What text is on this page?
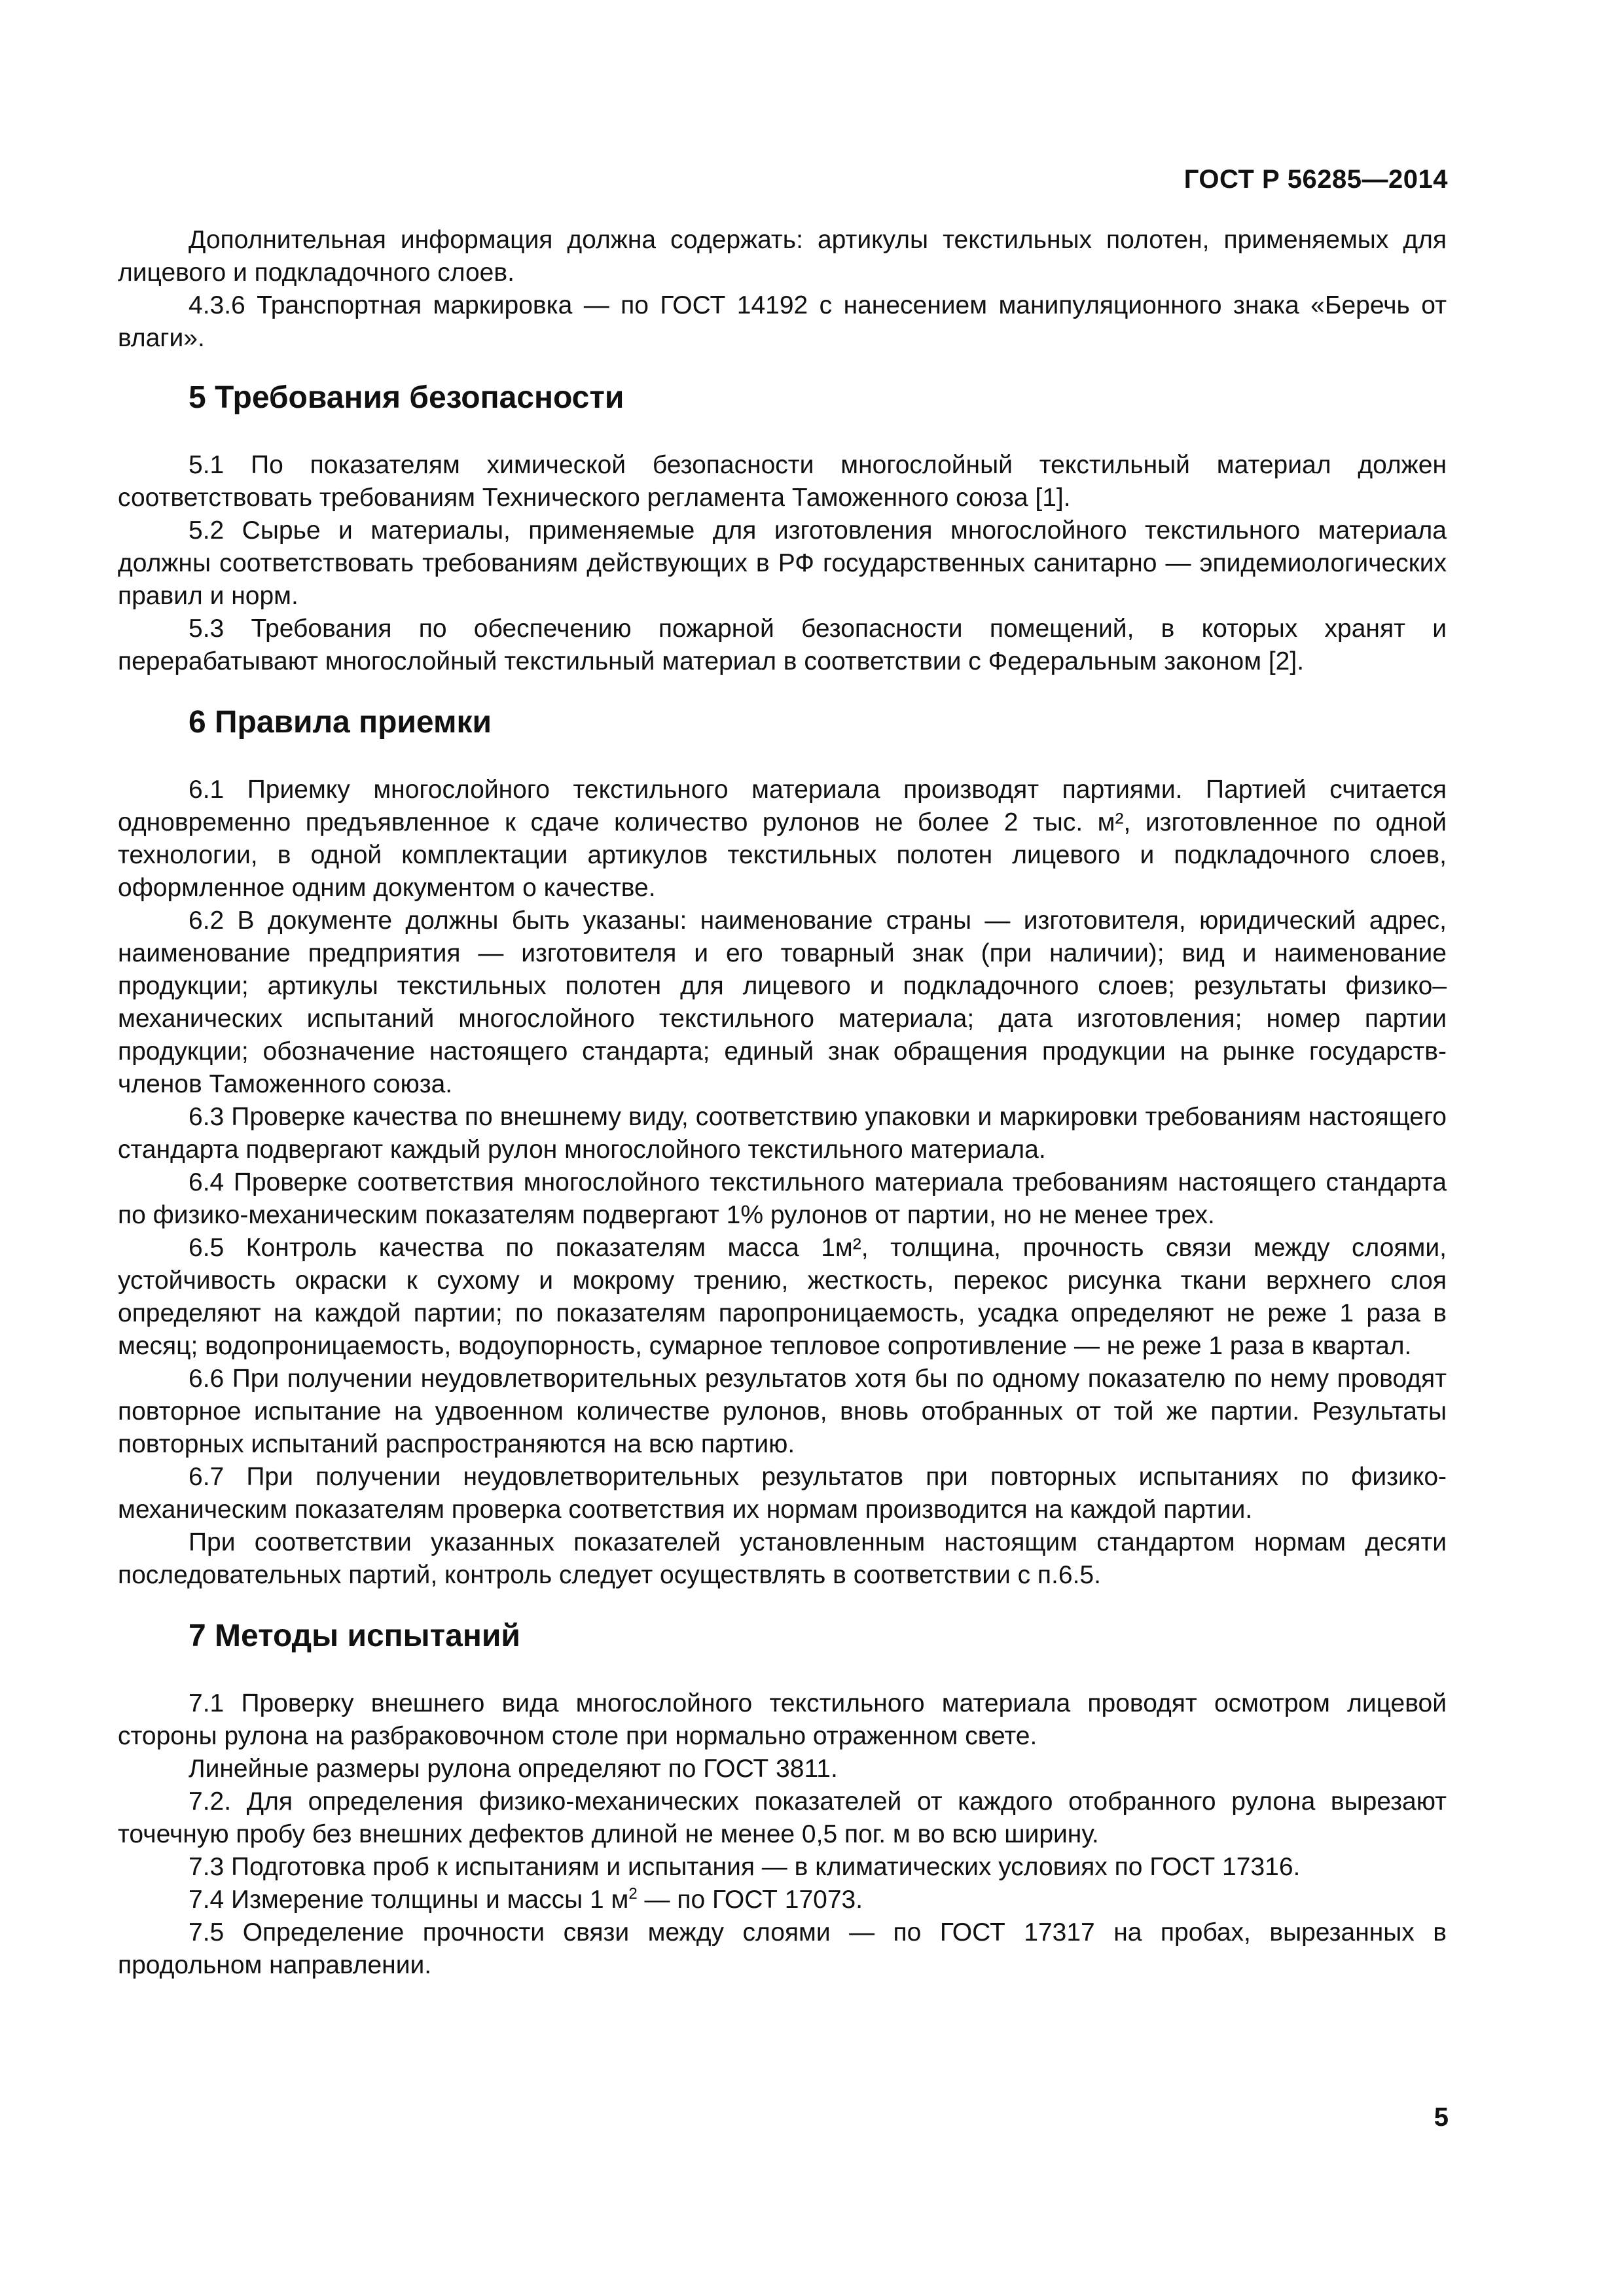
ГОСТ Р 56285—2014

Дополнительная информация должна содержать: артикулы текстильных полотен, применяемых для лицевого и подкладочного слоев.

4.3.6 Транспортная маркировка — по ГОСТ 14192 с нанесением манипуляционного знака «Беречь от влаги».

5 Требования безопасности

5.1 По показателям химической безопасности многослойный текстильный материал должен соответствовать требованиям Технического регламента Таможенного союза [1].

5.2 Сырье и материалы, применяемые для изготовления многослойного текстильного материала должны соответствовать требованиям действующих в РФ государственных санитарно — эпидемиологических правил и норм.

5.3 Требования по обеспечению пожарной безопасности помещений, в которых хранят и перерабатывают многослойный текстильный материал в соответствии с Федеральным законом [2].

6 Правила приемки

6.1 Приемку многослойного текстильного материала производят партиями. Партией считается одновременно предъявленное к сдаче количество рулонов не более 2 тыс. м², изготовленное по одной технологии, в одной комплектации артикулов текстильных полотен лицевого и подкладочного слоев, оформленное одним документом о качестве.

6.2 В документе должны быть указаны: наименование страны — изготовителя, юридический адрес, наименование предприятия — изготовителя и его товарный знак (при наличии); вид и наименование продукции; артикулы текстильных полотен для лицевого и подкладочного слоев; результаты физико–механических испытаний многослойного текстильного материала; дата изготовления; номер партии продукции; обозначение настоящего стандарта; единый знак обращения продукции на рынке государств-членов Таможенного союза.

6.3 Проверке качества по внешнему виду, соответствию упаковки и маркировки требованиям настоящего стандарта подвергают каждый рулон многослойного текстильного материала.

6.4 Проверке соответствия многослойного текстильного материала требованиям настоящего стандарта по физико-механическим показателям подвергают 1% рулонов от партии, но не менее трех.

6.5 Контроль качества по показателям масса 1м², толщина, прочность связи между слоями, устойчивость окраски к сухому и мокрому трению, жесткость, перекос рисунка ткани верхнего слоя определяют на каждой партии; по показателям паропроницаемость, усадка определяют не реже 1 раза в месяц; водопроницаемость, водоупорность, сумарное тепловое сопротивление — не реже 1 раза в квартал.

6.6 При получении неудовлетворительных результатов хотя бы по одному показателю по нему проводят повторное испытание на удвоенном количестве рулонов, вновь отобранных от той же партии. Результаты повторных испытаний распространяются на всю партию.

6.7 При получении неудовлетворительных результатов при повторных испытаниях по физико-механическим показателям проверка соответствия их нормам производится на каждой партии.

При соответствии указанных показателей установленным настоящим стандартом нормам десяти последовательных партий, контроль следует осуществлять в соответствии с п.6.5.

7 Методы испытаний

7.1 Проверку внешнего вида многослойного текстильного материала проводят осмотром лицевой стороны рулона на разбраковочном столе при нормально отраженном свете.

Линейные размеры рулона определяют по ГОСТ 3811.

7.2. Для определения физико-механических показателей от каждого отобранного рулона вырезают точечную пробу без внешних дефектов длиной не менее 0,5 пог. м во всю ширину.

7.3 Подготовка проб к испытаниям и испытания — в климатических условиях по ГОСТ 17316.

7.4 Измерение толщины и массы 1 $м^2$ — по ГОСТ 17073.

7.5 Определение прочности связи между слоями — по ГОСТ 17317 на пробах, вырезанных в продольном направлении.

5
